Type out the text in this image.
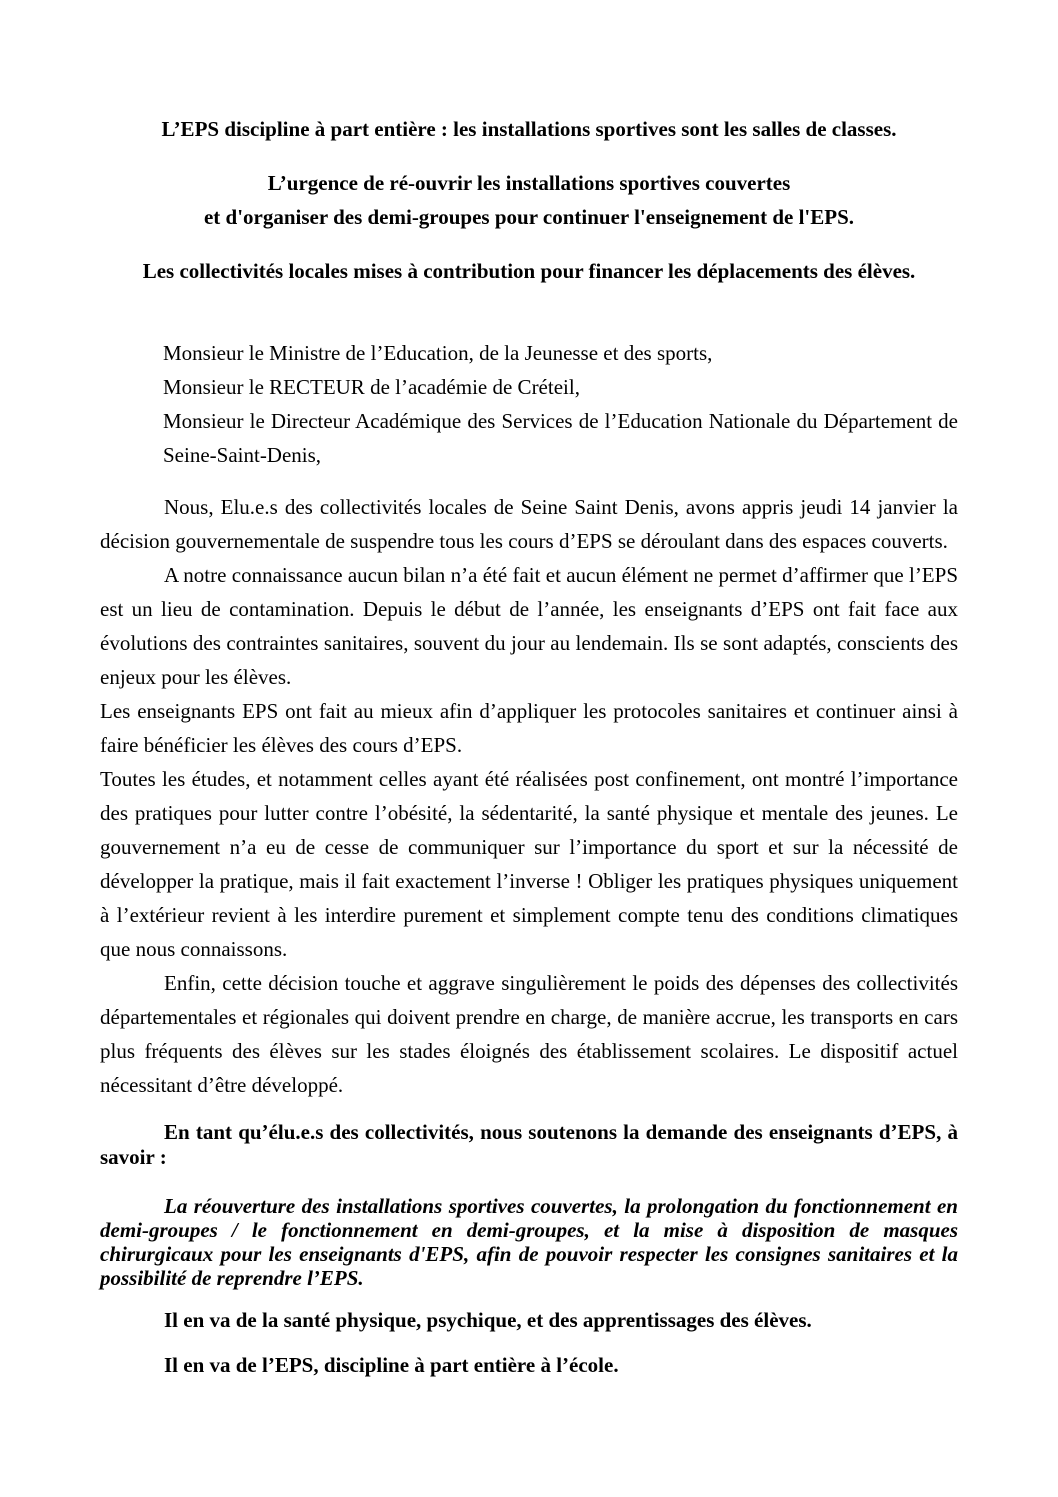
L’EPS discipline à part entière : les installations sportives sont les salles de classes.
L’urgence de ré-ouvrir les installations sportives couvertes
et d'organiser des demi-groupes pour continuer l'enseignement de l'EPS.
Les collectivités locales mises à contribution pour financer les déplacements des élèves.
Monsieur le Ministre de l’Education, de la Jeunesse et des sports,
Monsieur le RECTEUR de l’académie de Créteil,
Monsieur le Directeur Académique des Services de l’Education Nationale du Département de Seine-Saint-Denis,
Nous, Elu.e.s des collectivités locales de Seine Saint Denis, avons appris jeudi 14 janvier la décision gouvernementale de suspendre tous les cours d’EPS se déroulant dans des espaces couverts.
A notre connaissance aucun bilan n’a été fait et aucun élément ne permet d’affirmer que l’EPS est un lieu de contamination. Depuis le début de l’année, les enseignants d’EPS ont fait face aux évolutions des contraintes sanitaires, souvent du jour au lendemain. Ils se sont adaptés, conscients des enjeux pour les élèves.
Les enseignants EPS ont fait au mieux afin d’appliquer les protocoles sanitaires et continuer ainsi à faire bénéficier les élèves des cours d’EPS.
Toutes les études, et notamment celles ayant été réalisées post confinement, ont montré l’importance des pratiques pour lutter contre l’obésité, la sédentarité, la santé physique et mentale des jeunes. Le gouvernement n’a eu de cesse de communiquer sur l’importance du sport et sur la nécessité de développer la pratique, mais il fait exactement l’inverse ! Obliger les pratiques physiques uniquement à l’extérieur revient à les interdire purement et simplement compte tenu des conditions climatiques que nous connaissons.
Enfin, cette décision touche et aggrave singulièrement le poids des dépenses des collectivités départementales et régionales qui doivent prendre en charge, de manière accrue, les transports en cars plus fréquents des élèves sur les stades éloignés des établissement scolaires. Le dispositif actuel nécessitant d’être développé.
En tant qu’élu.e.s des collectivités, nous soutenons la demande des enseignants d’EPS, à savoir :
La réouverture des installations sportives couvertes, la prolongation du fonctionnement en demi-groupes / le fonctionnement en demi-groupes, et la mise à disposition de masques chirurgicaux pour les enseignants d'EPS, afin de pouvoir respecter les consignes sanitaires et la possibilité de reprendre l’EPS.
Il en va de la santé physique, psychique, et des apprentissages des élèves.
Il en va de l’EPS, discipline à part entière à l’école.
